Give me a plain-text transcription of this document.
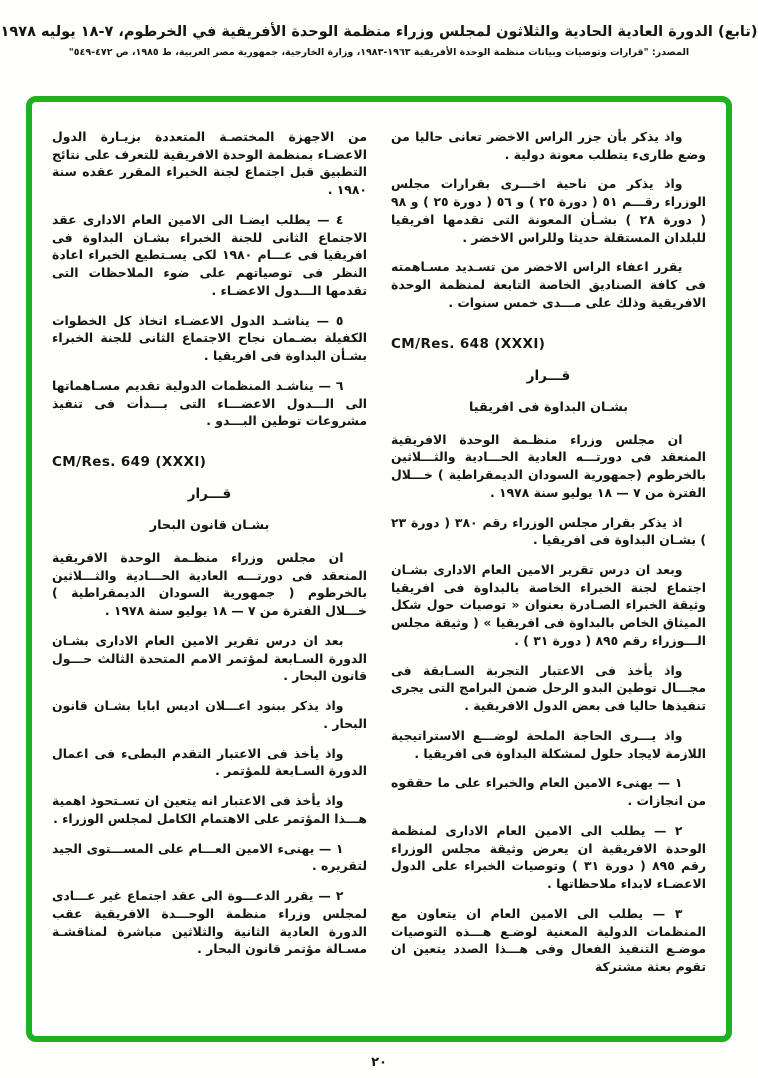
(تابع) الدورة العادية الحادية والثلاثون لمجلس وزراء منظمة الوحدة الأفريقية في الخرطوم، ٧-١٨ يوليه ١٩٧٨
المصدر: "قرارات وتوصيات وبيانات منظمة الوحدة الأفريقية ١٩٦٣-١٩٨٣، وزارة الخارجية، جمهورية مصر العربية، ط ١٩٨٥، ص ٤٧٢-٥٤٩"
واذ يذكر بأن جزر الراس الاخضر تعانى حاليا من وضع طارىء يتطلب معونة دولية .
واذ يذكر من ناحية اخـــرى بقرارات مجلس الوزراء رقـــم ٥١ ( دورة ٢٥ ) و ٥٦ ( دورة ٢٥ ) و ٩٨ ( دورة ٢٨ ) بشـأن المعونة التى تقدمها افريقيا للبلدان المستقلة حديثا وللراس الاخضر .
يقرر اعفاء الراس الاخضر من تسـديد مسـاهمته فى كافة الصناديق الخاصة التابعة لمنظمة الوحدة الافريقية وذلك على مـــدى خمس سنوات .
CM/Res. 648 (XXXI)
قـــرار
بشـان البداوة فى افريقيا
ان مجلس وزراء منظـمة الوحدة الافريقية المنعقد فى دورتـــه العادية الحـــادية والثـــلاثين بالخرطوم (جمهورية السودان الديمقراطية ) خـــلال الفترة من ٧ — ١٨ يوليو سنة ١٩٧٨ .
اذ يذكر بقرار مجلس الوزراء رقم ٣٨٠ ( دورة ٢٣ ) بشـان البداوة فى افريقيا .
وبعد ان درس تقرير الامين العام الادارى بشـان اجتماع لجنة الخبراء الخاصة بالبداوة فى افريقيا وثيقة الخبراء الصـادرة بعنوان « توصيات حول شكل الميثاق الخاص بالبداوة فى افريقيا » ( وثيقة مجلس الـــوزراء رقم ٨٩٥ ( دورة ٣١ ) .
واذ يأخذ فى الاعتبار التجربة السـابقة فى مجـــال توطين البدو الرحل ضمن البرامج التى يجرى تنفيذها حاليا فى بعض الدول الافريقية .
واذ يـــرى الحاجة الملحة لوضـــع الاستراتيجية اللازمة لايجاد حلول لمشكلة البداوة فى افريقيا .
١ — يهنىء الامين العام والخبراء على ما حققوه من انجازات .
٢ — يطلب الى الامين العام الادارى لمنظمة الوحدة الافريقية ان يعرض وثيقة مجلس الوزراء رقم ٨٩٥ ( دورة ٣١ ) وتوصيات الخبراء على الدول الاعضـاء لابداء ملاحظاتها .
٣ — يطلب الى الامين العام ان يتعاون مع المنظمات الدولية المعنية لوضـع هـــذه التوصيات موضـع التنفيذ الفعال وفى هـــذا الصدد يتعين ان تقوم بعثة مشتركة
من الاجهزة المختصـة المتعددة بزيـارة الدول الاعضـاء بمنظمة الوحدة الافريقية للتعرف على نتائج التطبيق قبل اجتماع لجنة الخبراء المقرر عقده سنة ١٩٨٠ .
٤ — يطلب ايضـا الى الامين العام الادارى عقد الاجتماع الثانى للجنة الخبراء بشـان البداوة فى افريقيا فى عـــام ١٩٨٠ لكى يسـتطيع الخبراء اعادة النظر فى توصياتهم على ضوء الملاحظات التى تقدمها الـــدول الاعضـاء .
٥ — يناشـد الدول الاعضـاء اتخاذ كل الخطوات الكفيلة بضـمان نجاح الاجتماع الثانى للجنة الخبراء بشـأن البداوة فى افريقيا .
٦ — يناشـد المنظمات الدولية تقديم مسـاهماتها الى الـــدول الاعضـــاء التى بـــدأت فى تنفيذ مشروعات توطين البـــدو .
CM/Res. 649 (XXXI)
قـــرار
بشـان قانون البحار
ان مجلس وزراء منظـمة الوحدة الافريقية المنعقد فى دورتـــه العادية الحـــادية والثـــلاثين بالخرطوم ( جمهورية السودان الديمقراطية ) خـــلال الفترة من ٧ — ١٨ يوليو سنة ١٩٧٨ .
بعد ان درس تقرير الامين العام الادارى بشـان الدورة السـابعة لمؤتمر الامم المتحدة الثالث حـــول قانون البحار .
واذ يذكر ببنود اعـــلان اديس ابابا بشـان قانون البحار .
واذ يأخذ فى الاعتبار التقدم البطىء فى اعمال الدورة السـابعة للمؤتمر .
واذ يأخذ فى الاعتبار انه يتعين ان تسـتحوذ اهمية هـــذا المؤتمر على الاهتمام الكامل لمجلس الوزراء .
١ — يهنىء الامين العـــام على المســـتوى الجيد لتقريره .
٢ — يقرر الدعـــوة الى عقد اجتماع غير عـــادى لمجلس وزراء منظمة الوحـــدة الافريقية عقب الدورة العادية الثانية والثلاثين مباشرة لمناقشـة مسـالة مؤتمر قانون البحار .
٢٠
